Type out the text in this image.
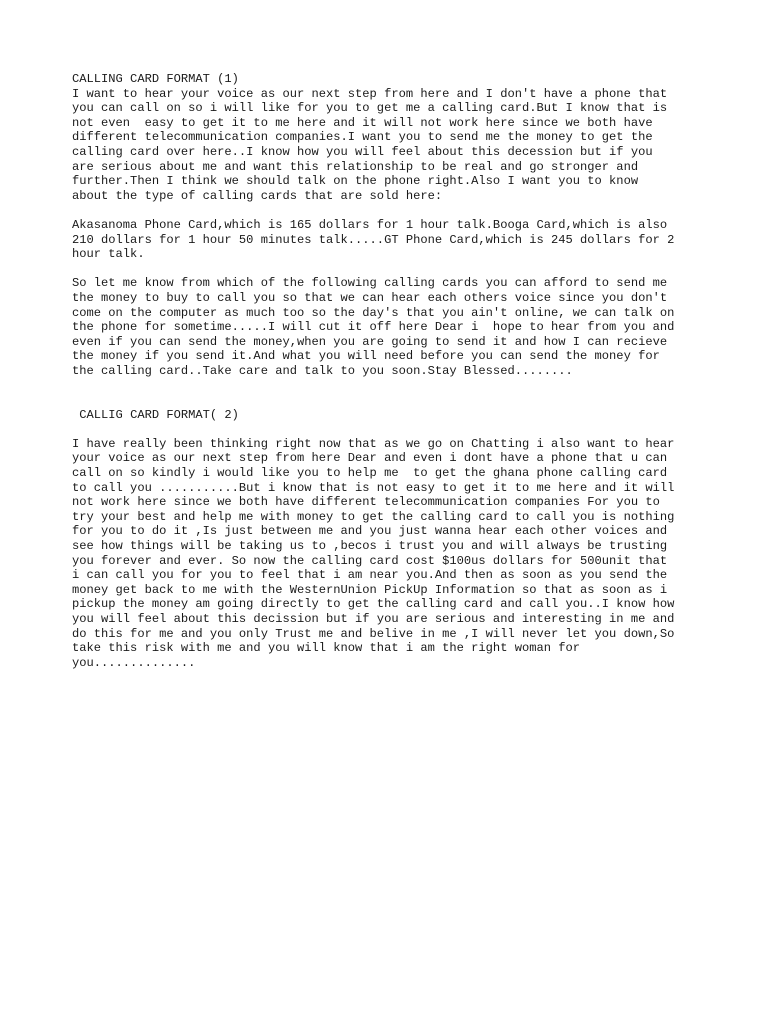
CALLING CARD FORMAT (1)
I want to hear your voice as our next step from here and I don't have a phone that
you can call on so i will like for you to get me a calling card.But I know that is
not even  easy to get it to me here and it will not work here since we both have
different telecommunication companies.I want you to send me the money to get the
calling card over here..I know how you will feel about this decession but if you
are serious about me and want this relationship to be real and go stronger and
further.Then I think we should talk on the phone right.Also I want you to know
about the type of calling cards that are sold here:
Akasanoma Phone Card,which is 165 dollars for 1 hour talk.Booga Card,which is also
210 dollars for 1 hour 50 minutes talk.....GT Phone Card,which is 245 dollars for 2
hour talk.
So let me know from which of the following calling cards you can afford to send me
the money to buy to call you so that we can hear each others voice since you don't
come on the computer as much too so the day's that you ain't online, we can talk on
the phone for sometime.....I will cut it off here Dear i  hope to hear from you and
even if you can send the money,when you are going to send it and how I can recieve
the money if you send it.And what you will need before you can send the money for
the calling card..Take care and talk to you soon.Stay Blessed........
CALLIG CARD FORMAT( 2)
I have really been thinking right now that as we go on Chatting i also want to hear
your voice as our next step from here Dear and even i dont have a phone that u can
call on so kindly i would like you to help me  to get the ghana phone calling card
to call you ...........But i know that is not easy to get it to me here and it will
not work here since we both have different telecommunication companies For you to
try your best and help me with money to get the calling card to call you is nothing
for you to do it ,Is just between me and you just wanna hear each other voices and
see how things will be taking us to ,becos i trust you and will always be trusting
you forever and ever. So now the calling card cost $100us dollars for 500unit that
i can call you for you to feel that i am near you.And then as soon as you send the
money get back to me with the WesternUnion PickUp Information so that as soon as i
pickup the money am going directly to get the calling card and call you..I know how
you will feel about this decission but if you are serious and interesting in me and
do this for me and you only Trust me and belive in me ,I will never let you down,So
take this risk with me and you will know that i am the right woman for
you..............
